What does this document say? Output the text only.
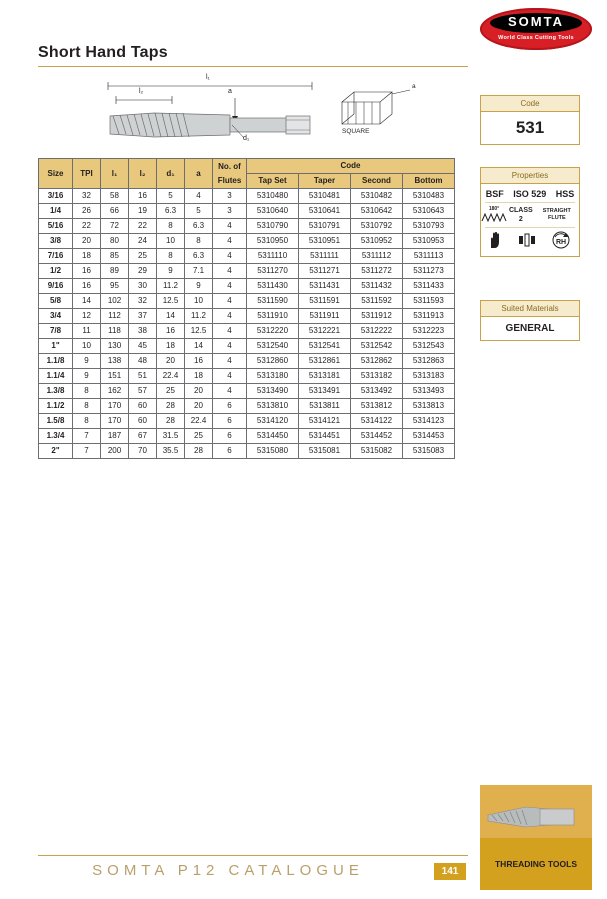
Short Hand Taps
SOMTA
World Class Cutting Tools
l₁
l₂	a
d₁
a
SQUARE
Size	TPI	l₁	l₂	d₁	a	No. of Flutes	Code			
							Tap Set	Taper	Second	Bottom
3/16	32	58	16	5	4	3	5310480	5310481	5310482	5310483
1/4	26	66	19	6.3	5	3	5310640	5310641	5310642	5310643
5/16	22	72	22	8	6.3	4	5310790	5310791	5310792	5310793
3/8	20	80	24	10	8	4	5310950	5310951	5310952	5310953
7/16	18	85	25	8	6.3	4	5311110	5311111	5311112	5311113
1/2	16	89	29	9	7.1	4	5311270	5311271	5311272	5311273
9/16	16	95	30	11.2	9	4	5311430	5311431	5311432	5311433
5/8	14	102	32	12.5	10	4	5311590	5311591	5311592	5311593
3/4	12	112	37	14	11.2	4	5311910	5311911	5311912	5311913
7/8	11	118	38	16	12.5	4	5312220	5312221	5312222	5312223
1"	10	130	45	18	14	4	5312540	5312541	5312542	5312543
1.1/8	9	138	48	20	16	4	5312860	5312861	5312862	5312863
1.1/4	9	151	51	22.4	18	4	5313180	5313181	5313182	5313183
1.3/8	8	162	57	25	20	4	5313490	5313491	5313492	5313493
1.1/2	8	170	60	28	20	6	5313810	5313811	5313812	5313813
1.5/8	8	170	60	28	22.4	6	5314120	5314121	5314122	5314123
1.3/4	7	187	67	31.5	25	6	5314450	5314451	5314452	5314453
2"	7	200	70	35.5	28	6	5315080	5315081	5315082	5315083
Code
531
Properties
BSF ISO 529 HSS
180°	CLASS 2
STRAIGHT FLUTE
RH
Suited Materials
GENERAL
THREADING TOOLS
SOMTA P12 CATALOGUE	141
